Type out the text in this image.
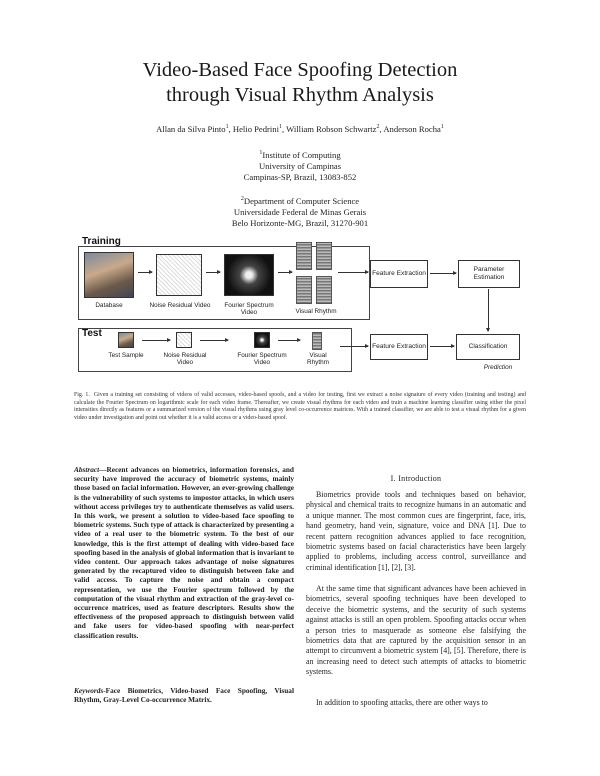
Video-Based Face Spoofing Detection
through Visual Rhythm Analysis
Allan da Silva Pinto$^1$, Helio Pedrini$^1$, William Robson Schwartz$^2$, Anderson Rocha$^1$
$^1$Institute of Computing
University of Campinas
Campinas-SP, Brazil, 13083-852
$^2$Department of Computer Science
Universidade Federal de Minas Gerais
Belo Horizonte-MG, Brazil, 31270-901
Training
Database	Noise Residual Video	Fourier Spectrum Video	Visual Rhythm
Feature Extraction
Parameter Estimation
Test
Test Sample	Noise Residual Video
Fourier Spectrum Video
Visual Rhythm
Feature Extraction	Classification
Prediction
Fig. 1. Given a training set consisting of videos of valid accesses, video-based spoofs, and a video for testing, first we extract a noise signature of every video (training and testing) and calculate the Fourier Spectrum on logarithmic scale for each video frame. Thereafter, we create visual rhythms for each video and train a machine learning classifier using either the pixel intensities directly as features or a summarized version of the visual rhythms using gray level co-occurrence matrices. With a trained classifier, we are able to test a visual rhythm for a given video under investigation and point out whether it is a valid access or a video-based spoof.
Abstract—Recent advances on biometrics, information forensics, and security have improved the accuracy of biometric systems, mainly those based on facial information. However, an ever-growing challenge is the vulnerability of such systems to impostor attacks, in which users without access privileges try to authenticate themselves as valid users. In this work, we present a solution to video-based face spoofing to biometric systems. Such type of attack is characterized by presenting a video of a real user to the biometric system. To the best of our knowledge, this is the first attempt of dealing with video-based face spoofing based in the analysis of global information that is invariant to video content. Our approach takes advantage of noise signatures generated by the recaptured video to distinguish between fake and valid access. To capture the noise and obtain a compact representation, we use the Fourier spectrum followed by the computation of the visual rhythm and extraction of the gray-level co-occurrence matrices, used as feature descriptors. Results show the effectiveness of the proposed approach to distinguish between valid and fake users for video-based spoofing with near-perfect classification results.
Keywords-Face Biometrics, Video-based Face Spoofing, Visual Rhythm, Gray-Level Co-occurrence Matrix.
I. Introduction
Biometrics provide tools and techniques based on behavior, physical and chemical traits to recognize humans in an automatic and a unique manner. The most common cues are fingerprint, face, iris, hand geometry, hand vein, signature, voice and DNA [1]. Due to recent pattern recognition advances applied to face recognition, biometric systems based on facial characteristics have been largely applied to problems, including access control, surveillance and criminal identification [1], [2], [3].
At the same time that significant advances have been achieved in biometrics, several spoofing techniques have been developed to deceive the biometric systems, and the security of such systems against attacks is still an open problem. Spoofing attacks occur when a person tries to masquerade as someone else falsifying the biometrics data that are captured by the acquisition sensor in an attempt to circumvent a biometric system [4], [5]. Therefore, there is an increasing need to detect such attempts of attacks to biometric systems.
In addition to spoofing attacks, there are other ways to
